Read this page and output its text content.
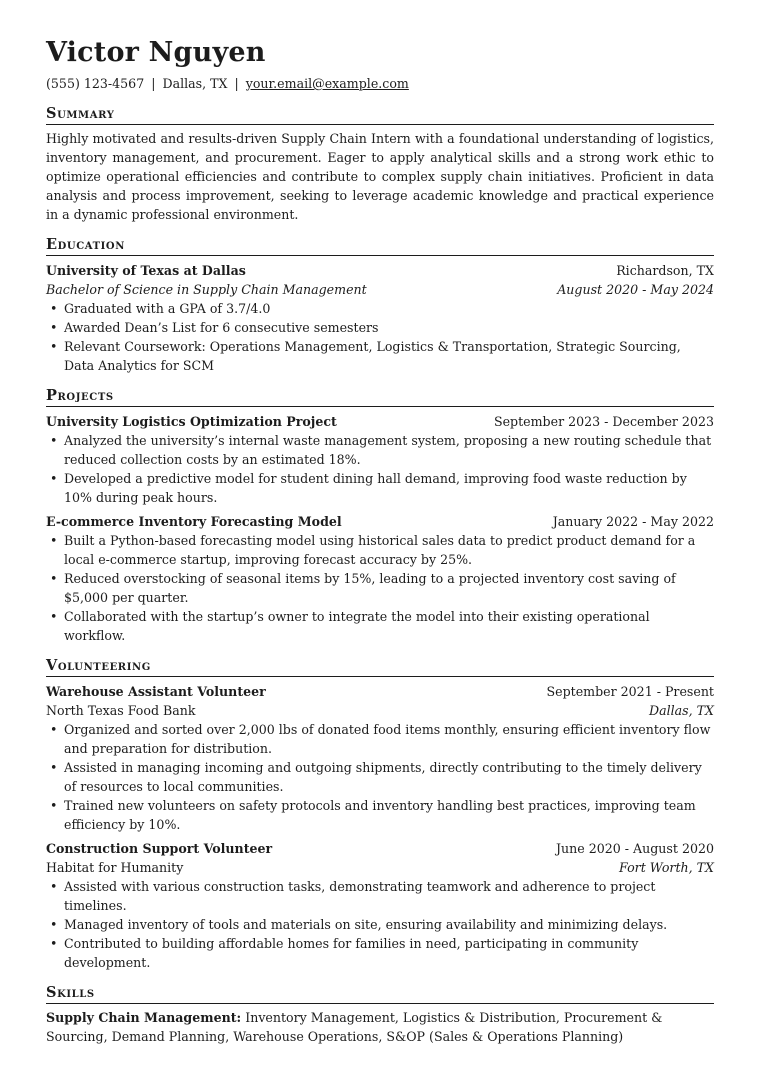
Victor Nguyen
(555) 123-4567 | Dallas, TX | your.email@example.com
Summary

Highly motivated and results-driven Supply Chain Intern with a foundational understanding of logistics, inventory management, and procurement. Eager to apply analytical skills and a strong work ethic to optimize operational efficiencies and contribute to complex supply chain initiatives. Proficient in data analysis and process improvement, seeking to leverage academic knowledge and practical experience in a dynamic professional environment.

Education
University of Texas at Dallas	Richardson, TX
Bachelor of Science in Supply Chain Management	August 2020 - May 2024
• Graduated with a GPA of 3.7/4.0
• Awarded Dean’s List for 6 consecutive semesters
• Relevant Coursework: Operations Management, Logistics & Transportation, Strategic Sourcing, Data Analytics for SCM
Projects
University Logistics Optimization Project	September 2023 - December 2023
• Analyzed the university’s internal waste management system, proposing a new routing schedule that reduced collection costs by an estimated 18%.
• Developed a predictive model for student dining hall demand, improving food waste reduction by 10% during peak hours.
E-commerce Inventory Forecasting Model	January 2022 - May 2022
• Built a Python-based forecasting model using historical sales data to predict product demand for a local e-commerce startup, improving forecast accuracy by 25%.
• Reduced overstocking of seasonal items by 15%, leading to a projected inventory cost saving of $5,000 per quarter.
• Collaborated with the startup’s owner to integrate the model into their existing operational workflow.
Volunteering
Warehouse Assistant Volunteer	September 2021 - Present
North Texas Food Bank	Dallas, TX
• Organized and sorted over 2,000 lbs of donated food items monthly, ensuring efficient inventory flow and preparation for distribution.
• Assisted in managing incoming and outgoing shipments, directly contributing to the timely delivery of resources to local communities.
• Trained new volunteers on safety protocols and inventory handling best practices, improving team efficiency by 10%.
Construction Support Volunteer	June 2020 - August 2020
Habitat for Humanity	Fort Worth, TX
• Assisted with various construction tasks, demonstrating teamwork and adherence to project timelines.
• Managed inventory of tools and materials on site, ensuring availability and minimizing delays.
• Contributed to building affordable homes for families in need, participating in community development.
Skills

Supply Chain Management: Inventory Management, Logistics & Distribution, Procurement & Sourcing, Demand Planning, Warehouse Operations, S&OP (Sales & Operations Planning)
